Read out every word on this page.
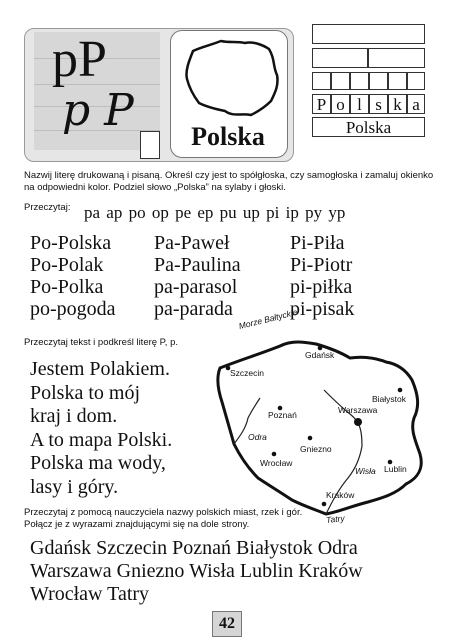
pP
p P
Polska
P o l s k a
Polska
Nazwij literę drukowaną i pisaną. Określ czy jest to spółgłoska, czy samogłoska i zamaluj okienko na odpowiedni kolor. Podziel słowo „Polska” na sylaby i głoski.
Przeczytaj: pa ap po op pe ep pu up pi ip py yp
Po-Polska
Po-Polak
Po-Polka
po-pogoda
Pa-Paweł
Pa-Paulina
pa-parasol
pa-parada
Pi-Piła
Pi-Piotr
pi-piłka
pi-pisak
Przeczytaj tekst i podkreśl literę P, p.
Jestem Polakiem.
Polska to mój
kraj i dom.
A to mapa Polski.
Polska ma wody,
lasy i góry.
Morze Bałtyckie
Gdańsk
Szczecin
Białystok
Poznań	Warszawa
Gniezno
Wrocław
Lublin
Kraków
Odra
Wisła
Tatry
Przeczytaj z pomocą nauczyciela nazwy polskich miast, rzek i gór. Połącz je z wyrazami znajdującymi się na dole strony.
Gdańsk Szczecin Poznań Białystok Odra
Warszawa Gniezno Wisła Lublin Kraków
Wrocław Tatry
42
